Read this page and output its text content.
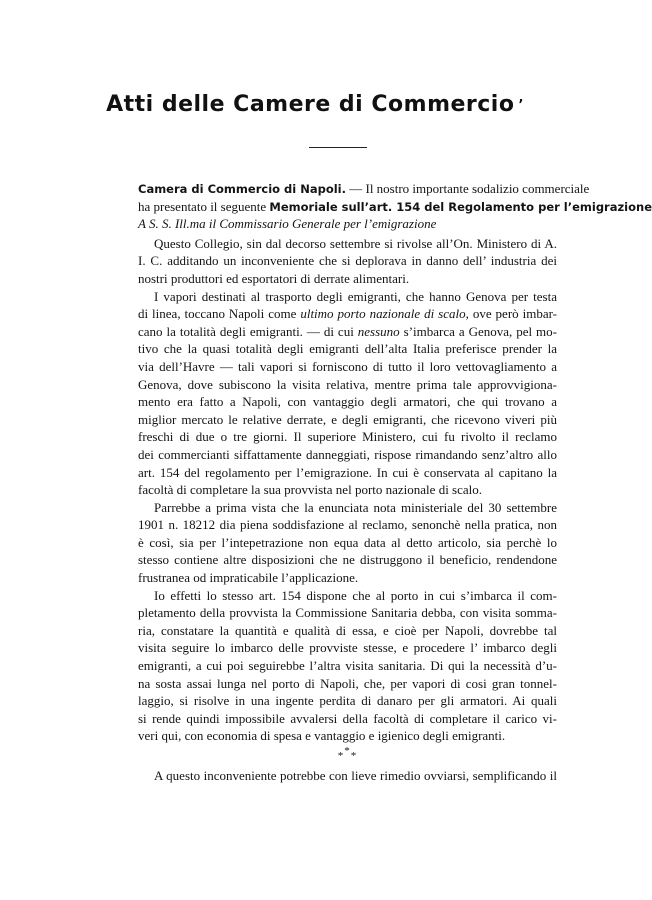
Atti delle Camere di Commercio ’
Camera di Commercio di Napoli. — Il nostro importante sodalizio commerciale
ha presentato il seguente Memoriale sull’art. 154 del Regolamento per l’emigrazione
A S. S. Ill.ma il Commissario Generale per l’emigrazione
Questo Collegio, sin dal decorso settembre si rivolse all’On. Ministero di A.
I. C. additando un inconveniente che si deplorava in danno dell’ industria dei
nostri produttori ed esportatori di derrate alimentari.
I vapori destinati al trasporto degli emigranti, che hanno Genova per testa
di linea, toccano Napoli come ultimo porto nazionale di scalo, ove però imbar-
cano la totalità degli emigranti. — di cui nessuno s’imbarca a Genova, pel mo-
tivo che la quasi totalità degli emigranti dell’alta Italia preferisce prender la
via dell’Havre — tali vapori si forniscono di tutto il loro vettovagliamento a
Genova, dove subiscono la visita relativa, mentre prima tale approvvigiona-
mento era fatto a Napoli, con vantaggio degli armatori, che qui trovano a
miglior mercato le relative derrate, e degli emigranti, che ricevono viveri più
freschi di due o tre giorni. Il superiore Ministero, cui fu rivolto il reclamo
dei commercianti siffattamente danneggiati, rispose rimandando senz’altro allo
art. 154 del regolamento per l’emigrazione. In cui è conservata al capitano la
facoltà di completare la sua provvista nel porto nazionale di scalo.
Parrebbe a prima vista che la enunciata nota ministeriale del 30 settembre
1901 n. 18212 dia piena soddisfazione al reclamo, senonchè nella pratica, non
è così, sia per l’intepetrazione non equa data al detto articolo, sia perchè lo
stesso contiene altre disposizioni che ne distruggono il beneficio, rendendone
frustranea od impraticabile l’applicazione.
Io effetti lo stesso art. 154 dispone che al porto in cui s’imbarca il com-
pletamento della provvista la Commissione Sanitaria debba, con visita somma-
ria, constatare la quantità e qualità di essa, e cioè per Napoli, dovrebbe tal
visita seguire lo imbarco delle provviste stesse, e procedere l’ imbarco degli
emigranti, a cui poi seguirebbe l’altra visita sanitaria. Di qui la necessità d’u-
na sosta assai lunga nel porto di Napoli, che, per vapori di cosi gran tonnel-
laggio, si risolve in una ingente perdita di danaro per gli armatori. Ai quali
si rende quindi impossibile avvalersi della facoltà di completare il carico vi-
veri qui, con economia di spesa e vantaggio e igienico degli emigranti.
***
A questo inconveniente potrebbe con lieve rimedio ovviarsi, semplificando il
